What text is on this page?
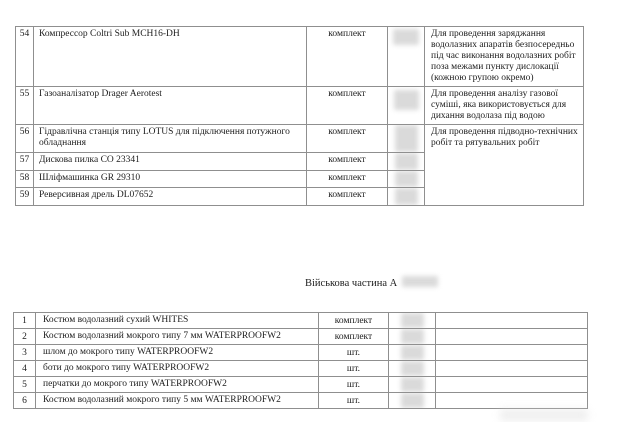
54	Компрессор Coltri Sub MCH16-DH	комплект		Для проведення заряджання водолазних апаратів безпосередньо під час виконання водолазних робіт поза межами пункту дислокації (кожною групою окремо)
55	Газоаналізатор Drager Aerotest	комплект		Для проведення аналізу газової суміші, яка використовується для дихання водолаза під водою
56	Гідравлічна станція типу LOTUS для підключення потужного обладнання	комплект		Для проведення підводно-технічних робіт та рятувальних робіт
57	Дискова пилка CO 23341	комплект		

58	Шліфмашинка GR 29310	комплект		

59	Реверсивная дрель DL07652	комплект		
Військова частина А
1	Костюм водолазний сухий WHITES	комплект	

2	Костюм водолазний мокрого типу 7 мм WATERPROOFW2	комплект	

3	шлом до мокрого типу WATERPROOFW2	шт.	

4	боти до мокрого типу WATERPROOFW2	шт.	

5	перчатки до мокрого типу WATERPROOFW2	шт.	

6	Костюм водолазний мокрого типу 5 мм WATERPROOFW2	шт.	
